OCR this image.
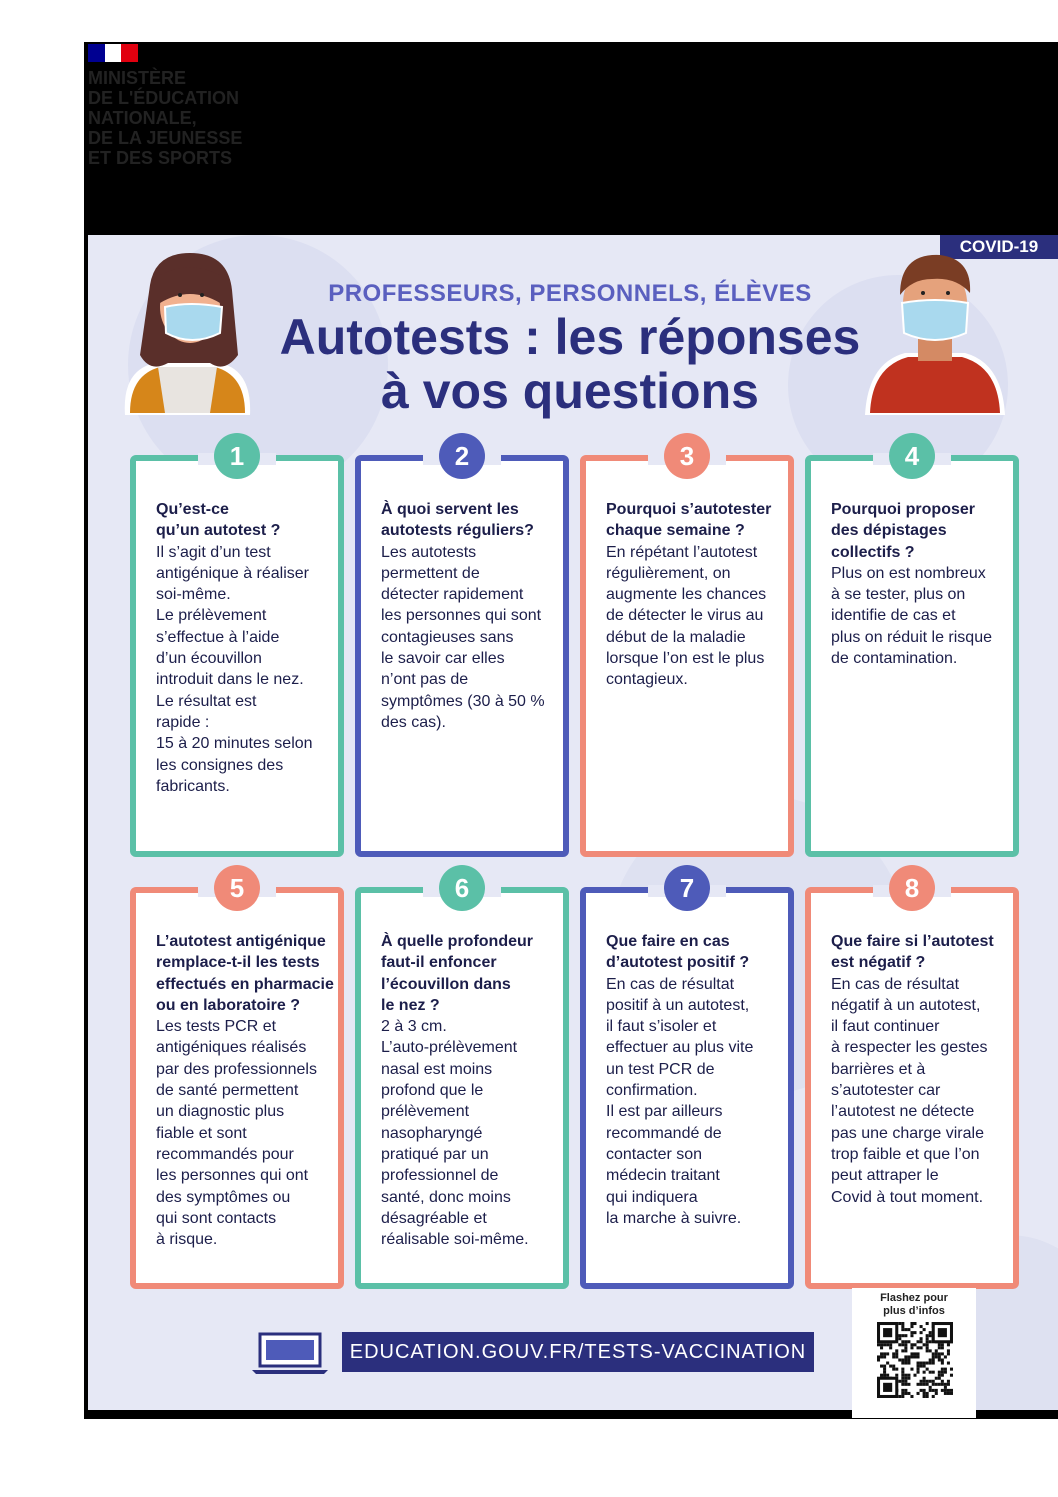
MINISTÈRE
DE L'ÉDUCATION
NATIONALE,
DE LA JEUNESSE
ET DES SPORTS
COVID-19
PROFESSEURS, PERSONNELS, ÉLÈVES
Autotests : les réponses
à vos questions
1
Qu’est-ce
qu’un autotest ?
Il s’agit d’un test
antigénique à réaliser
soi-même.
Le prélèvement
s’effectue à l’aide
d’un écouvillon
introduit dans le nez.
Le résultat est
rapide :
15 à 20 minutes selon
les consignes des
fabricants.
2
À quoi servent les
autotests réguliers?
Les autotests
permettent de
détecter rapidement
les personnes qui sont
contagieuses sans
le savoir car elles
n’ont pas de
symptômes (30 à 50 %
des cas).
3
Pourquoi s’autotester
chaque semaine ?
En répétant l’autotest
régulièrement, on
augmente les chances
de détecter le virus au
début de la maladie
lorsque l’on est le plus
contagieux.
4
Pourquoi proposer
des dépistages
collectifs ?
Plus on est nombreux
à se tester, plus on
identifie de cas et
plus on réduit le risque
de contamination.
5
L’autotest antigénique
remplace-t-il les tests
effectués en pharmacie
ou en laboratoire ?
Les tests PCR et
antigéniques réalisés
par des professionnels
de santé permettent
un diagnostic plus
fiable et sont
recommandés pour
les personnes qui ont
des symptômes ou
qui sont contacts
à risque.
6
À quelle profondeur
faut-il enfoncer
l’écouvillon dans
le nez ?
2 à 3 cm.
L’auto-prélèvement
nasal est moins
profond que le
prélèvement
nasopharyngé
pratiqué par un
professionnel de
santé, donc moins
désagréable et
réalisable soi-même.
7
Que faire en cas
d’autotest positif ?
En cas de résultat
positif à un autotest,
il faut s’isoler et
effectuer au plus vite
un test PCR de
confirmation.
Il est par ailleurs
recommandé de
contacter son
médecin traitant
qui indiquera
la marche à suivre.
8
Que faire si l’autotest
est négatif ?
En cas de résultat
négatif à un autotest,
il faut continuer
à respecter les gestes
barrières et à
s’autotester car
l’autotest ne détecte
pas une charge virale
trop faible et que l’on
peut attraper le
Covid à tout moment.
EDUCATION.GOUV.FR/TESTS-VACCINATION
Flashez pour
plus d’infos
